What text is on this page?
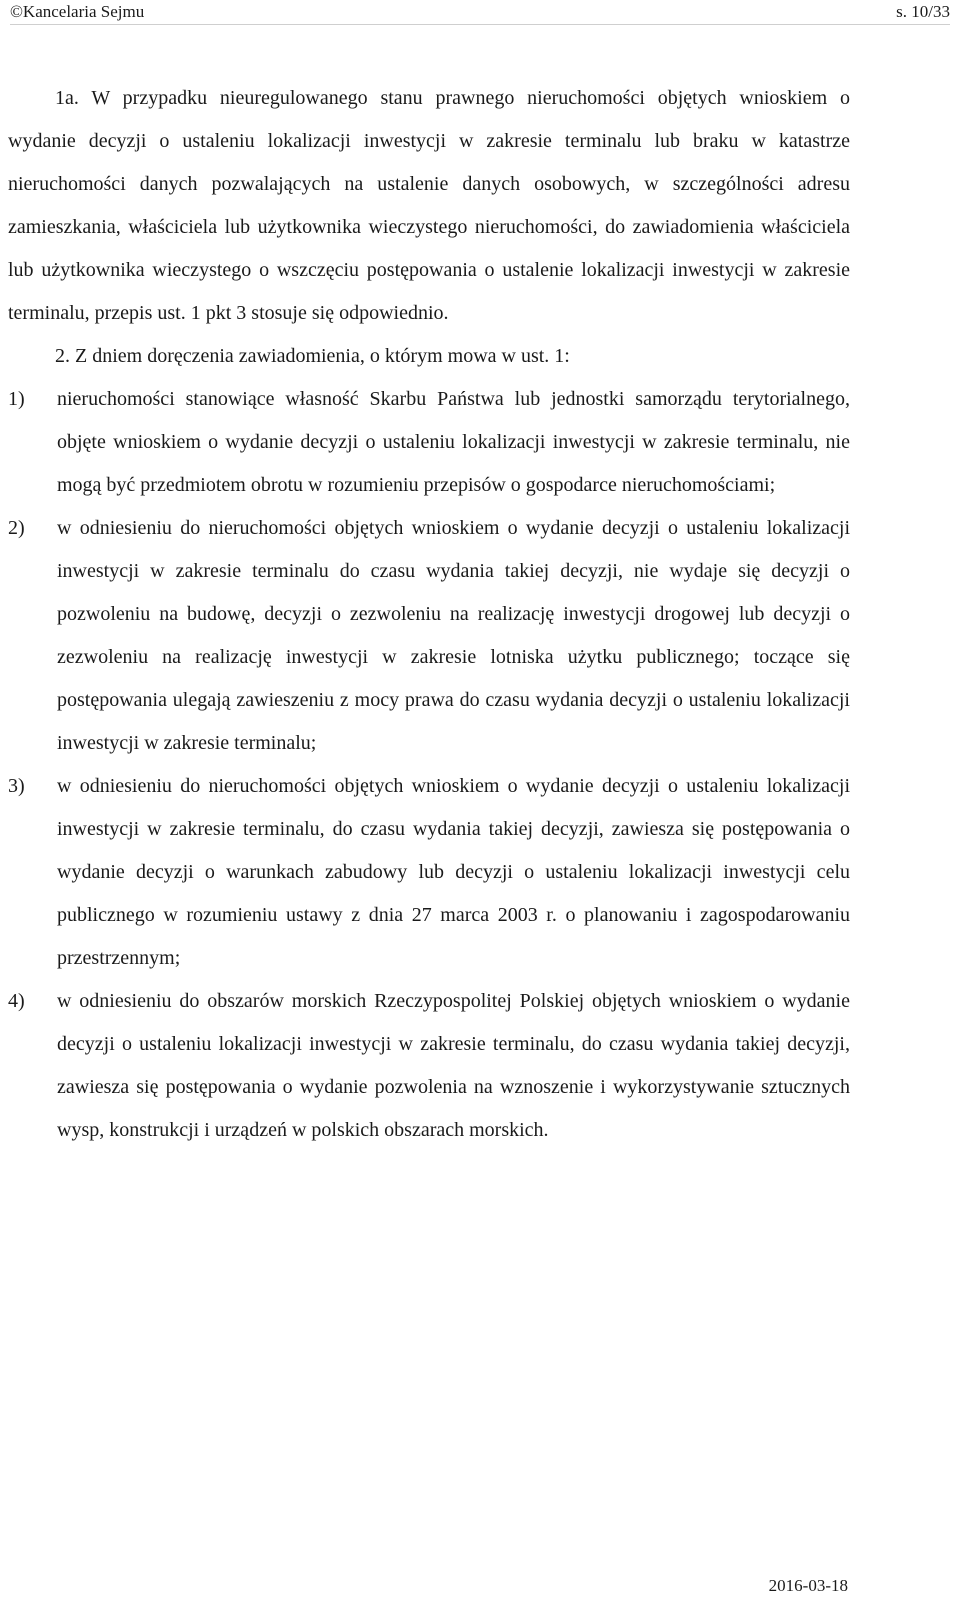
©Kancelaria Sejmu	s. 10/33

1a. W przypadku nieuregulowanego stanu prawnego nieruchomości objętych wnioskiem o wydanie decyzji o ustaleniu lokalizacji inwestycji w zakresie terminalu lub braku w katastrze nieruchomości danych pozwalających na ustalenie danych osobowych, w szczególności adresu zamieszkania, właściciela lub użytkownika wieczystego nieruchomości, do zawiadomienia właściciela lub użytkownika wieczystego o wszczęciu postępowania o ustalenie lokalizacji inwestycji w zakresie terminalu, przepis ust. 1 pkt 3 stosuje się odpowiednio.

2. Z dniem doręczenia zawiadomienia, o którym mowa w ust. 1:

1) nieruchomości stanowiące własność Skarbu Państwa lub jednostki samorządu terytorialnego, objęte wnioskiem o wydanie decyzji o ustaleniu lokalizacji inwestycji w zakresie terminalu, nie mogą być przedmiotem obrotu w rozumieniu przepisów o gospodarce nieruchomościami;
2) w odniesieniu do nieruchomości objętych wnioskiem o wydanie decyzji o ustaleniu lokalizacji inwestycji w zakresie terminalu do czasu wydania takiej decyzji, nie wydaje się decyzji o pozwoleniu na budowę, decyzji o zezwoleniu na realizację inwestycji drogowej lub decyzji o zezwoleniu na realizację inwestycji w zakresie lotniska użytku publicznego; toczące się postępowania ulegają zawieszeniu z mocy prawa do czasu wydania decyzji o ustaleniu lokalizacji inwestycji w zakresie terminalu;
3) w odniesieniu do nieruchomości objętych wnioskiem o wydanie decyzji o ustaleniu lokalizacji inwestycji w zakresie terminalu, do czasu wydania takiej decyzji, zawiesza się postępowania o wydanie decyzji o warunkach zabudowy lub decyzji o ustaleniu lokalizacji inwestycji celu publicznego w rozumieniu ustawy z dnia 27 marca 2003 r. o planowaniu i zagospodarowaniu przestrzennym;
4) w odniesieniu do obszarów morskich Rzeczypospolitej Polskiej objętych wnioskiem o wydanie decyzji o ustaleniu lokalizacji inwestycji w zakresie terminalu, do czasu wydania takiej decyzji, zawiesza się postępowania o wydanie pozwolenia na wznoszenie i wykorzystywanie sztucznych wysp, konstrukcji i urządzeń w polskich obszarach morskich.
2016-03-18
